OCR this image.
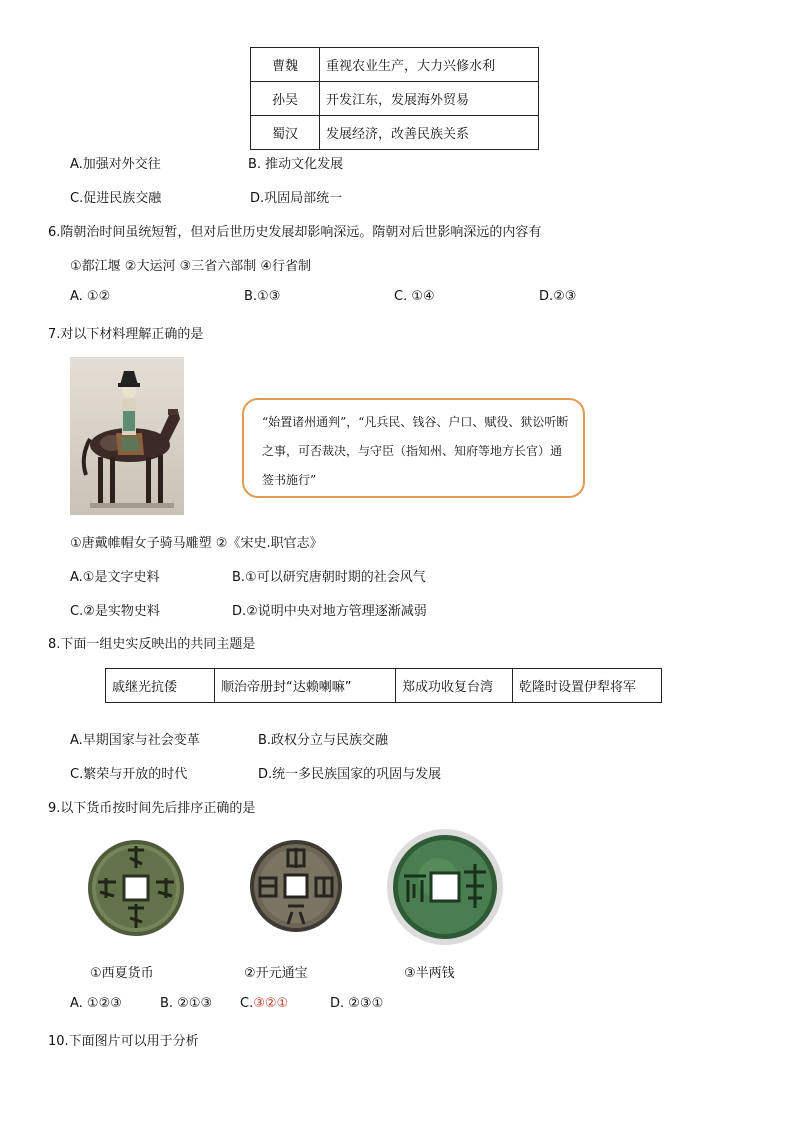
曹魏	重视农业生产，大力兴修水利
孙吴	开发江东，发展海外贸易
蜀汉	发展经济，改善民族关系
A.加强对外交往	B. 推动文化发展
C.促进民族交融	D.巩固局部统一
6.隋朝治时间虽统短暂，但对后世历史发展却影响深远。隋朝对后世影响深远的内容有
①都江堰 ②大运河 ③三省六部制 ④行省制
A. ①②	B.①③	C. ①④	D.②③
7.对以下材料理解正确的是
“始置诸州通判”，“凡兵民、钱谷、户口、赋役、狱讼听断之事，可否裁决，与守臣（指知州、知府等地方长官）通签书施行”
①唐戴帷帽女子骑马雕塑 ②《宋史.职官志》
A.①是文字史料	B.①可以研究唐朝时期的社会风气
C.②是实物史料	D.②说明中央对地方管理逐渐减弱
8.下面一组史实反映出的共同主题是
戚继光抗倭	顺治帝册封“达赖喇嘛”	郑成功收复台湾	乾隆时设置伊犁将军
A.早期国家与社会变革	B.政权分立与民族交融
C.繁荣与开放的时代	D.统一多民族国家的巩固与发展
9.以下货币按时间先后排序正确的是
①西夏货币	②开元通宝	③半两钱
A. ①②③	B. ②①③ C.③②①	D. ②③①
10.下面图片可以用于分析
